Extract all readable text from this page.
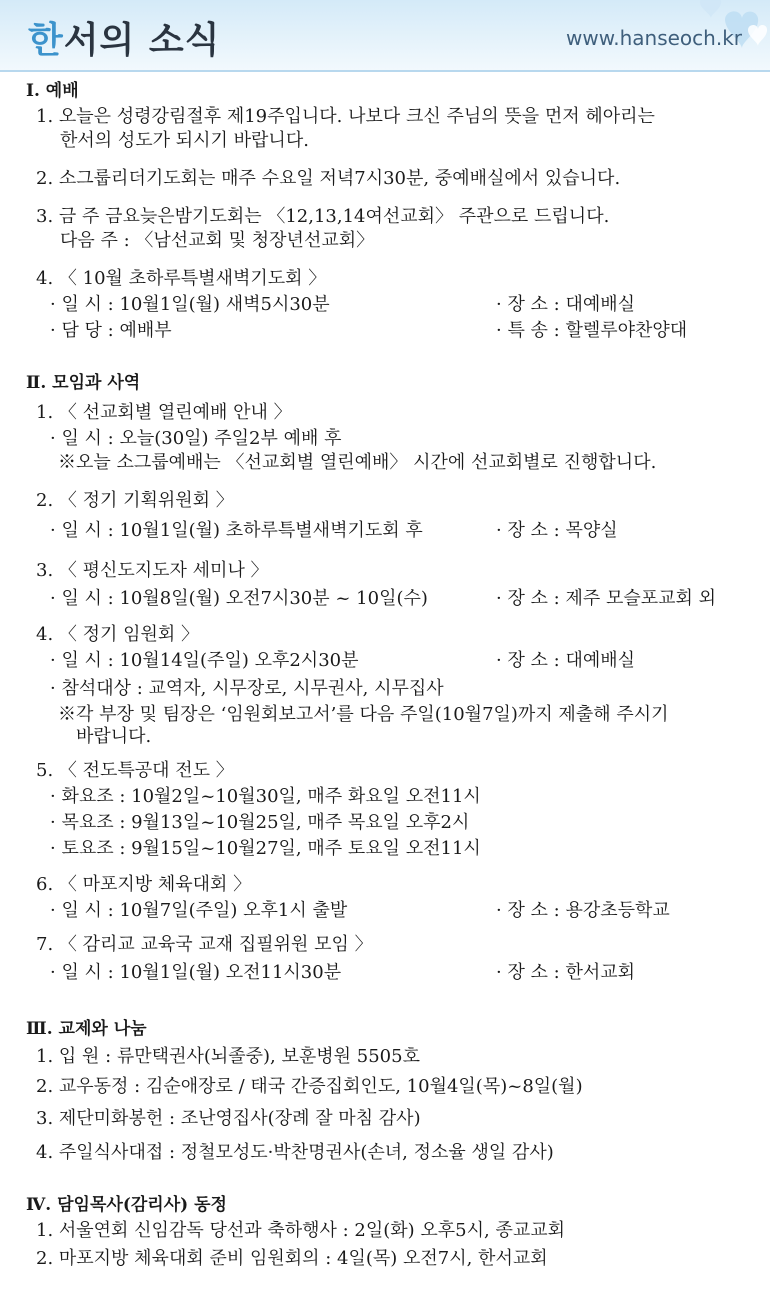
한서의 소식	www.hanseoch.kr
Ⅰ. 예배
1. 오늘은 성령강림절후 제19주입니다. 나보다 크신 주님의 뜻을 먼저 헤아리는
한서의 성도가 되시기 바랍니다.
2. 소그룹리더기도회는 매주 수요일 저녁7시30분, 중예배실에서 있습니다.
3. 금 주 금요늦은밤기도회는 〈12,13,14여선교회〉 주관으로 드립니다.
다음 주 : 〈남선교회 및 청장년선교회〉
4. 〈 10월 초하루특별새벽기도회 〉
· 일 시 : 10월1일(월) 새벽5시30분	· 장 소 : 대예배실
· 담 당 : 예배부	· 특 송 : 할렐루야찬양대
Ⅱ. 모임과 사역
1. 〈 선교회별 열린예배 안내 〉
· 일 시 : 오늘(30일) 주일2부 예배 후
※오늘 소그룹예배는 〈선교회별 열린예배〉 시간에 선교회별로 진행합니다.
2. 〈 정기 기획위원회 〉
· 일 시 : 10월1일(월) 초하루특별새벽기도회 후	· 장 소 : 목양실
3. 〈 평신도지도자 세미나 〉
· 일 시 : 10월8일(월) 오전7시30분 ~ 10일(수)	· 장 소 : 제주 모슬포교회 외
4. 〈 정기 임원회 〉
· 일 시 : 10월14일(주일) 오후2시30분	· 장 소 : 대예배실
· 참석대상 : 교역자, 시무장로, 시무권사, 시무집사
※각 부장 및 팀장은 ‘임원회보고서’를 다음 주일(10월7일)까지 제출해 주시기
바랍니다.
5. 〈 전도특공대 전도 〉
· 화요조 : 10월2일~10월30일, 매주 화요일 오전11시
· 목요조 : 9월13일~10월25일, 매주 목요일 오후2시
· 토요조 : 9월15일~10월27일, 매주 토요일 오전11시
6. 〈 마포지방 체육대회 〉
· 일 시 : 10월7일(주일) 오후1시 출발	· 장 소 : 용강초등학교
7. 〈 감리교 교육국 교재 집필위원 모임 〉
· 일 시 : 10월1일(월) 오전11시30분	· 장 소 : 한서교회
Ⅲ. 교제와 나눔
1. 입 원 : 류만택권사(뇌졸중), 보훈병원 5505호
2. 교우동정 : 김순애장로 / 태국 간증집회인도, 10월4일(목)~8일(월)
3. 제단미화봉헌 : 조난영집사(장례 잘 마침 감사)
4. 주일식사대접 : 정철모성도·박찬명권사(손녀, 정소율 생일 감사)
Ⅳ. 담임목사(감리사) 동정
1. 서울연회 신임감독 당선과 축하행사 : 2일(화) 오후5시, 종교교회
2. 마포지방 체육대회 준비 임원회의 : 4일(목) 오전7시, 한서교회
